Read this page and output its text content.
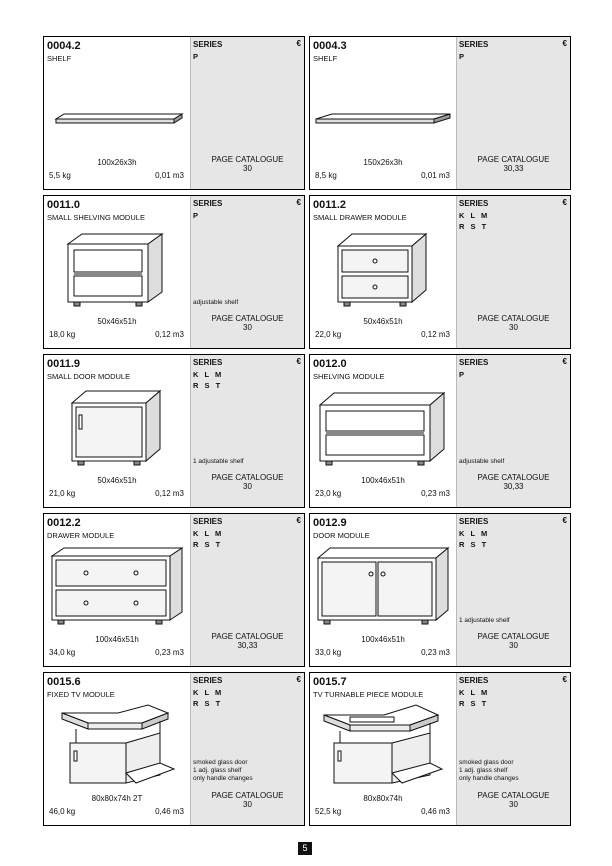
0004.2
SHELF
100x26x3h
5,5 kg	0,01 m3
SERIES	€
P
PAGE CATALOGUE
30
0004.3
SHELF
150x26x3h
8,5 kg	0,01 m3
SERIES	€
P
PAGE CATALOGUE
30,33
0011.0
SMALL SHELVING MODULE
50x46x51h
18,0 kg	0,12 m3
SERIES	€
P
adjustable shelf
PAGE CATALOGUE
30
0011.2
SMALL DRAWER MODULE
50x46x51h
22,0 kg	0,12 m3
SERIES	€
K L M
R S T
PAGE CATALOGUE
30
0011.9
SMALL DOOR MODULE
50x46x51h
21,0 kg	0,12 m3
SERIES	€
K L M
R S T
1 adjustable shelf
PAGE CATALOGUE
30
0012.0
SHELVING MODULE
100x46x51h
23,0 kg	0,23 m3
SERIES	€
P
adjustable shelf
PAGE CATALOGUE
30,33
0012.2
DRAWER MODULE
100x46x51h
34,0 kg	0,23 m3
SERIES	€
K L M
R S T
PAGE CATALOGUE
30,33
0012.9
DOOR MODULE
100x46x51h
33,0 kg	0,23 m3
SERIES	€
K L M
R S T
1 adjustable shelf
PAGE CATALOGUE
30
0015.6
FIXED TV MODULE
80x80x74h 2T
46,0 kg	0,46 m3
SERIES	€
K L M
R S T
smoked glass door
1 adj. glass shelf
only handle changes
PAGE CATALOGUE
30
0015.7
TV TURNABLE PIECE MODULE
80x80x74h
52,5 kg	0,46 m3
SERIES	€
K L M
R S T
smoked glass door
1 adj. glass shelf
only handle changes
PAGE CATALOGUE
30
5
